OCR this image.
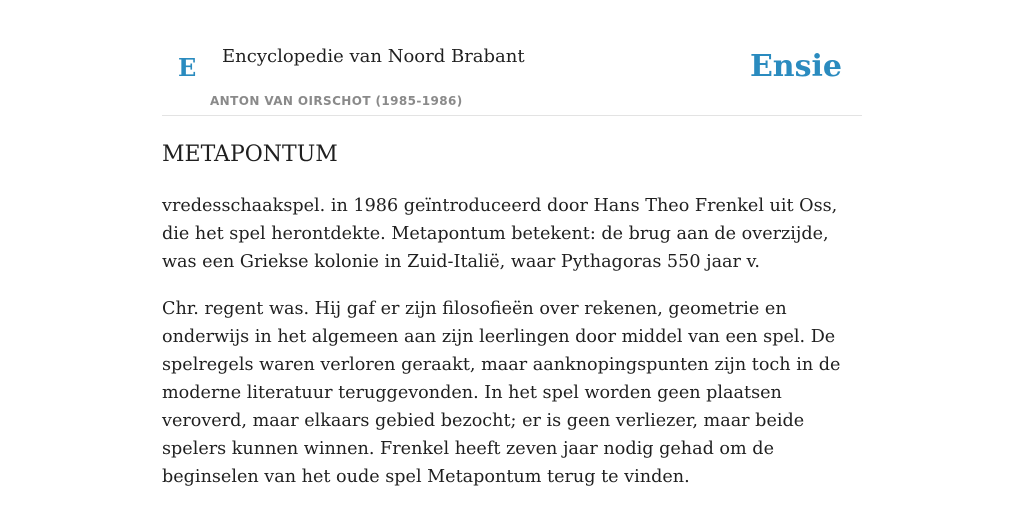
E Encyclopedie van Noord Brabant
ANTON VAN OIRSCHOT (1985-1986)
Ensie
METAPONTUM

vredesschaakspel. in 1986 geïntroduceerd door Hans Theo Frenkel uit Oss, die het spel herontdekte. Metapontum betekent: de brug aan de overzijde, was een Griekse kolonie in Zuid-Italië, waar Pythagoras 550 jaar v.

Chr. regent was. Hij gaf er zijn filosofieën over rekenen, geometrie en onderwijs in het algemeen aan zijn leerlingen door middel van een spel. De spelregels waren verloren geraakt, maar aanknopingspunten zijn toch in de moderne literatuur teruggevonden. In het spel worden geen plaatsen veroverd, maar elkaars gebied bezocht; er is geen verliezer, maar beide spelers kunnen winnen. Frenkel heeft zeven jaar nodig gehad om de beginselen van het oude spel Metapontum terug te vinden.
